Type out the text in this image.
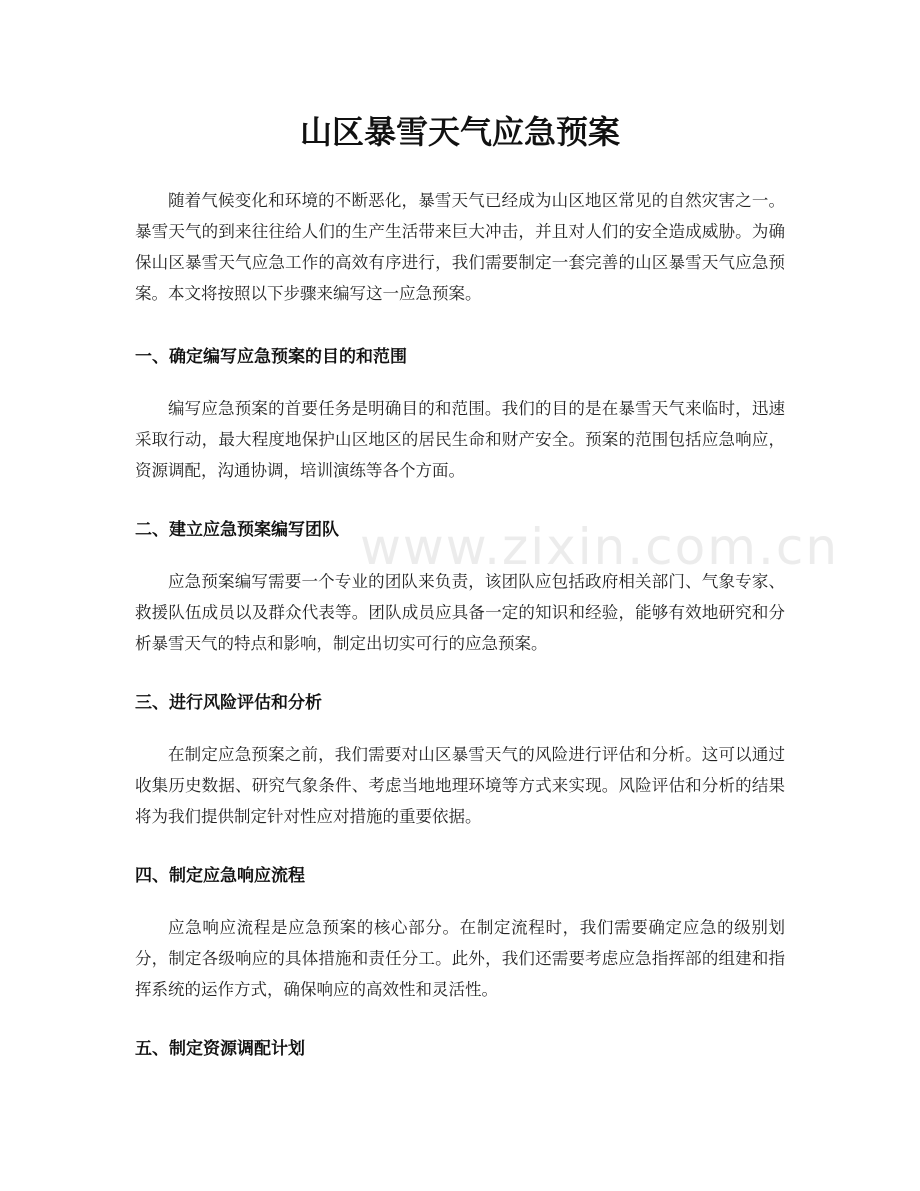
山区暴雪天气应急预案

随着气候变化和环境的不断恶化，暴雪天气已经成为山区地区常见的自然灾害之一。暴雪天气的到来往往给人们的生产生活带来巨大冲击，并且对人们的安全造成威胁。为确保山区暴雪天气应急工作的高效有序进行，我们需要制定一套完善的山区暴雪天气应急预案。本文将按照以下步骤来编写这一应急预案。

一、确定编写应急预案的目的和范围

编写应急预案的首要任务是明确目的和范围。我们的目的是在暴雪天气来临时，迅速采取行动，最大程度地保护山区地区的居民生命和财产安全。预案的范围包括应急响应，资源调配，沟通协调，培训演练等各个方面。

二、建立应急预案编写团队

应急预案编写需要一个专业的团队来负责，该团队应包括政府相关部门、气象专家、救援队伍成员以及群众代表等。团队成员应具备一定的知识和经验，能够有效地研究和分析暴雪天气的特点和影响，制定出切实可行的应急预案。

三、进行风险评估和分析

在制定应急预案之前，我们需要对山区暴雪天气的风险进行评估和分析。这可以通过收集历史数据、研究气象条件、考虑当地地理环境等方式来实现。风险评估和分析的结果将为我们提供制定针对性应对措施的重要依据。

四、制定应急响应流程

应急响应流程是应急预案的核心部分。在制定流程时，我们需要确定应急的级别划分，制定各级响应的具体措施和责任分工。此外，我们还需要考虑应急指挥部的组建和指挥系统的运作方式，确保响应的高效性和灵活性。

五、制定资源调配计划
www.zixin.com.cn
